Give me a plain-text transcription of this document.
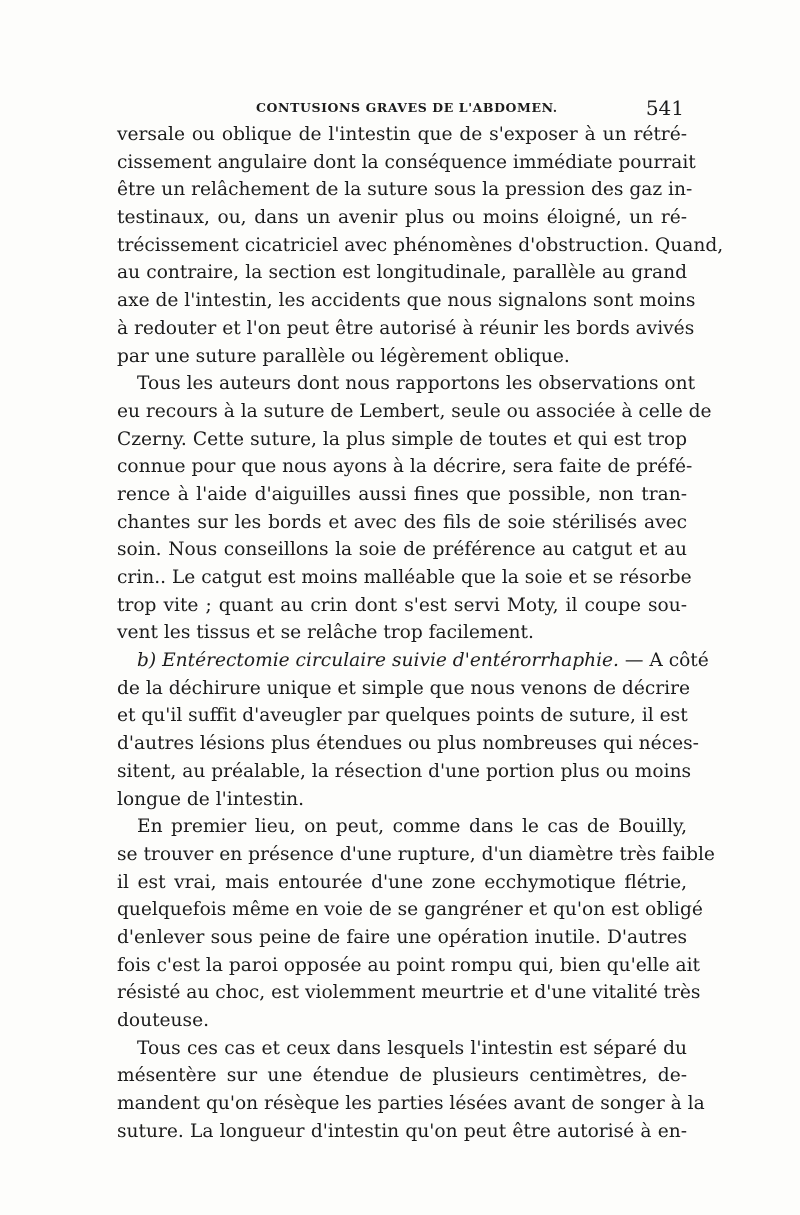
CONTUSIONS GRAVES DE L'ABDOMEN.	541
versale ou oblique de l'intestin que de s'exposer à un rétré-
cissement angulaire dont la conséquence immédiate pourrait
être un relâchement de la suture sous la pression des gaz in-
testinaux, ou, dans un avenir plus ou moins éloigné, un ré-
trécissement cicatriciel avec phénomènes d'obstruction. Quand,
au contraire, la section est longitudinale, parallèle au grand
axe de l'intestin, les accidents que nous signalons sont moins
à redouter et l'on peut être autorisé à réunir les bords avivés
par une suture parallèle ou légèrement oblique.
Tous les auteurs dont nous rapportons les observations ont
eu recours à la suture de Lembert, seule ou associée à celle de
Czerny. Cette suture, la plus simple de toutes et qui est trop
connue pour que nous ayons à la décrire, sera faite de préfé-
rence à l'aide d'aiguilles aussi fines que possible, non tran-
chantes sur les bords et avec des fils de soie stérilisés avec
soin. Nous conseillons la soie de préférence au catgut et au
crin.. Le catgut est moins malléable que la soie et se résorbe
trop vite ; quant au crin dont s'est servi Moty, il coupe sou-
vent les tissus et se relâche trop facilement.
b) Entérectomie circulaire suivie d'entérorrhaphie. — A côté
de la déchirure unique et simple que nous venons de décrire
et qu'il suffit d'aveugler par quelques points de suture, il est
d'autres lésions plus étendues ou plus nombreuses qui néces-
sitent, au préalable, la résection d'une portion plus ou moins
longue de l'intestin.
En premier lieu, on peut, comme dans le cas de Bouilly,
se trouver en présence d'une rupture, d'un diamètre très faible
il est vrai, mais entourée d'une zone ecchymotique flétrie,
quelquefois même en voie de se gangréner et qu'on est obligé
d'enlever sous peine de faire une opération inutile. D'autres
fois c'est la paroi opposée au point rompu qui, bien qu'elle ait
résisté au choc, est violemment meurtrie et d'une vitalité très
douteuse.
Tous ces cas et ceux dans lesquels l'intestin est séparé du
mésentère sur une étendue de plusieurs centimètres, de-
mandent qu'on résèque les parties lésées avant de songer à la
suture. La longueur d'intestin qu'on peut être autorisé à en-
